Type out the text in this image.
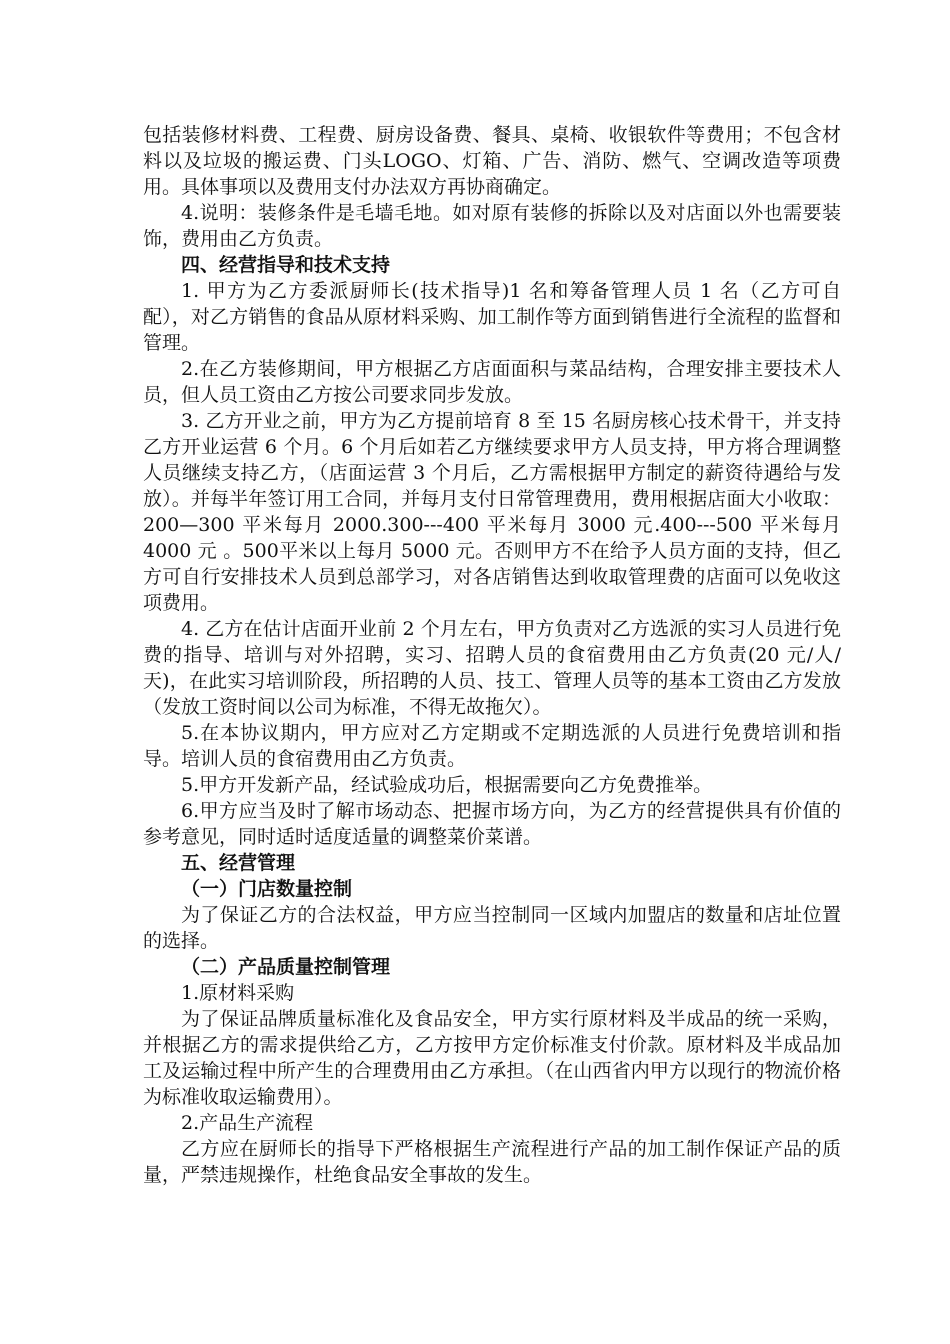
包括装修材料费、工程费、厨房设备费、餐具、桌椅、收银软件等费用；不包含材料以及垃圾的搬运费、门头LOGO、灯箱、广告、消防、燃气、空调改造等项费用。具体事项以及费用支付办法双方再协商确定。

4.说明：装修条件是毛墙毛地。如对原有装修的拆除以及对店面以外也需要装饰，费用由乙方负责。

四、经营指导和技术支持

1. 甲方为乙方委派厨师长(技术指导)1 名和筹备管理人员 1 名（乙方可自配），对乙方销售的食品从原材料采购、加工制作等方面到销售进行全流程的监督和管理。

2.在乙方装修期间，甲方根据乙方店面面积与菜品结构，合理安排主要技术人员，但人员工资由乙方按公司要求同步发放。

3. 乙方开业之前，甲方为乙方提前培育 8 至 15 名厨房核心技术骨干，并支持乙方开业运营 6 个月。6 个月后如若乙方继续要求甲方人员支持，甲方将合理调整人员继续支持乙方，（店面运营 3 个月后，乙方需根据甲方制定的薪资待遇给与发放）。并每半年签订用工合同，并每月支付日常管理费用，费用根据店面大小收取：200—300 平米每月 2000.300---400 平米每月 3000 元.400---500 平米每月 4000 元 。500平米以上每月 5000 元。否则甲方不在给予人员方面的支持，但乙方可自行安排技术人员到总部学习，对各店销售达到收取管理费的店面可以免收这项费用。

4. 乙方在估计店面开业前 2 个月左右，甲方负责对乙方选派的实习人员进行免费的指导、培训与对外招聘，实习、招聘人员的食宿费用由乙方负责(20 元/人/天)，在此实习培训阶段，所招聘的人员、技工、管理人员等的基本工资由乙方发放（发放工资时间以公司为标准，不得无故拖欠）。

5.在本协议期内，甲方应对乙方定期或不定期选派的人员进行免费培训和指导。培训人员的食宿费用由乙方负责。

5.甲方开发新产品，经试验成功后，根据需要向乙方免费推举。

6.甲方应当及时了解市场动态、把握市场方向，为乙方的经营提供具有价值的参考意见，同时适时适度适量的调整菜价菜谱。

五、经营管理

（一）门店数量控制

为了保证乙方的合法权益，甲方应当控制同一区域内加盟店的数量和店址位置的选择。

（二）产品质量控制管理

1.原材料采购

为了保证品牌质量标准化及食品安全，甲方实行原材料及半成品的统一采购，并根据乙方的需求提供给乙方，乙方按甲方定价标准支付价款。原材料及半成品加工及运输过程中所产生的合理费用由乙方承担。（在山西省内甲方以现行的物流价格为标准收取运输费用）。

2.产品生产流程

乙方应在厨师长的指导下严格根据生产流程进行产品的加工制作保证产品的质量，严禁违规操作，杜绝食品安全事故的发生。
